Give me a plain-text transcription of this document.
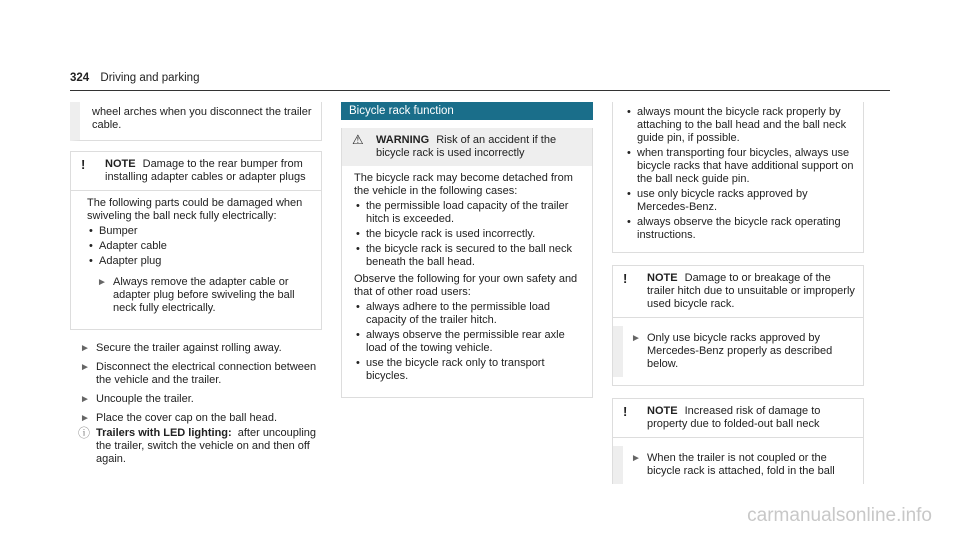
324 Driving and parking
wheel arches when you disconnect the trailer cable.
! NOTE Damage to the rear bumper from installing adapter cables or adapter plugs
The following parts could be damaged when swiveling the ball neck fully electrically:
• Bumper
• Adapter cable
• Adapter plug
► Always remove the adapter cable or adapter plug before swiveling the ball neck fully electrically.
► Secure the trailer against rolling away.
► Disconnect the electrical connection between the vehicle and the trailer.
► Uncouple the trailer.
► Place the cover cap on the ball head.
ⓘ Trailers with LED lighting: after uncoupling the trailer, switch the vehicle on and then off again.
Bicycle rack function
⚠ WARNING Risk of an accident if the bicycle rack is used incorrectly
The bicycle rack may become detached from the vehicle in the following cases:
• the permissible load capacity of the trailer hitch is exceeded.
• the bicycle rack is used incorrectly.
• the bicycle rack is secured to the ball neck beneath the ball head.
Observe the following for your own safety and that of other road users:
• always adhere to the permissible load capacity of the trailer hitch.
• always observe the permissible rear axle load of the towing vehicle.
• use the bicycle rack only to transport bicycles.
• always mount the bicycle rack properly by attaching to the ball head and the ball neck guide pin, if possible.
• when transporting four bicycles, always use bicycle racks that have additional support on the ball neck guide pin.
• use only bicycle racks approved by Mercedes-Benz.
• always observe the bicycle rack operating instructions.
! NOTE Damage to or breakage of the trailer hitch due to unsuitable or improperly used bicycle rack.
► Only use bicycle racks approved by Mercedes-Benz properly as described below.
! NOTE Increased risk of damage to property due to folded-out ball neck
► When the trailer is not coupled or the bicycle rack is attached, fold in the ball
carmanualsonline.info
